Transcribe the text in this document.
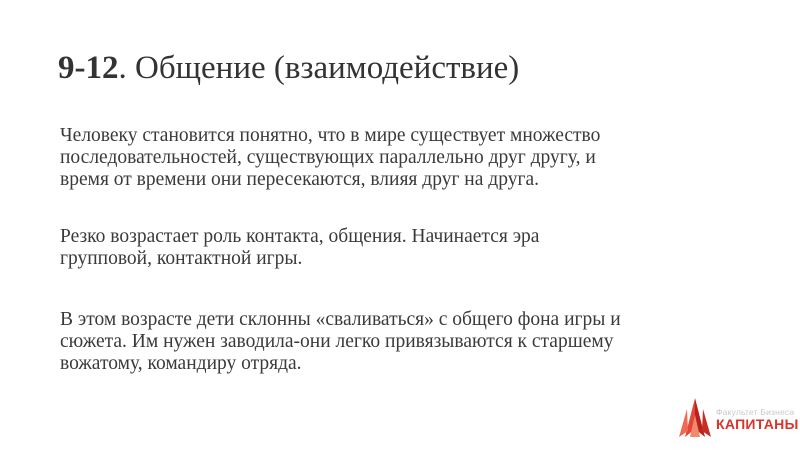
9-12. Общение (взаимодействие)

Человеку становится понятно, что в мире существует множество
последовательностей, существующих параллельно друг другу, и
время от времени они пересекаются, влияя друг на друга.

Резко возрастает роль контакта, общения. Начинается эра
групповой, контактной игры.

В этом возрасте дети склонны «сваливаться» с общего фона игры и
сюжета. Им нужен заводила-они легко привязываются к старшему
вожатому, командиру отряда.

Факультет Бизнеса
КАПИТАНЫ
